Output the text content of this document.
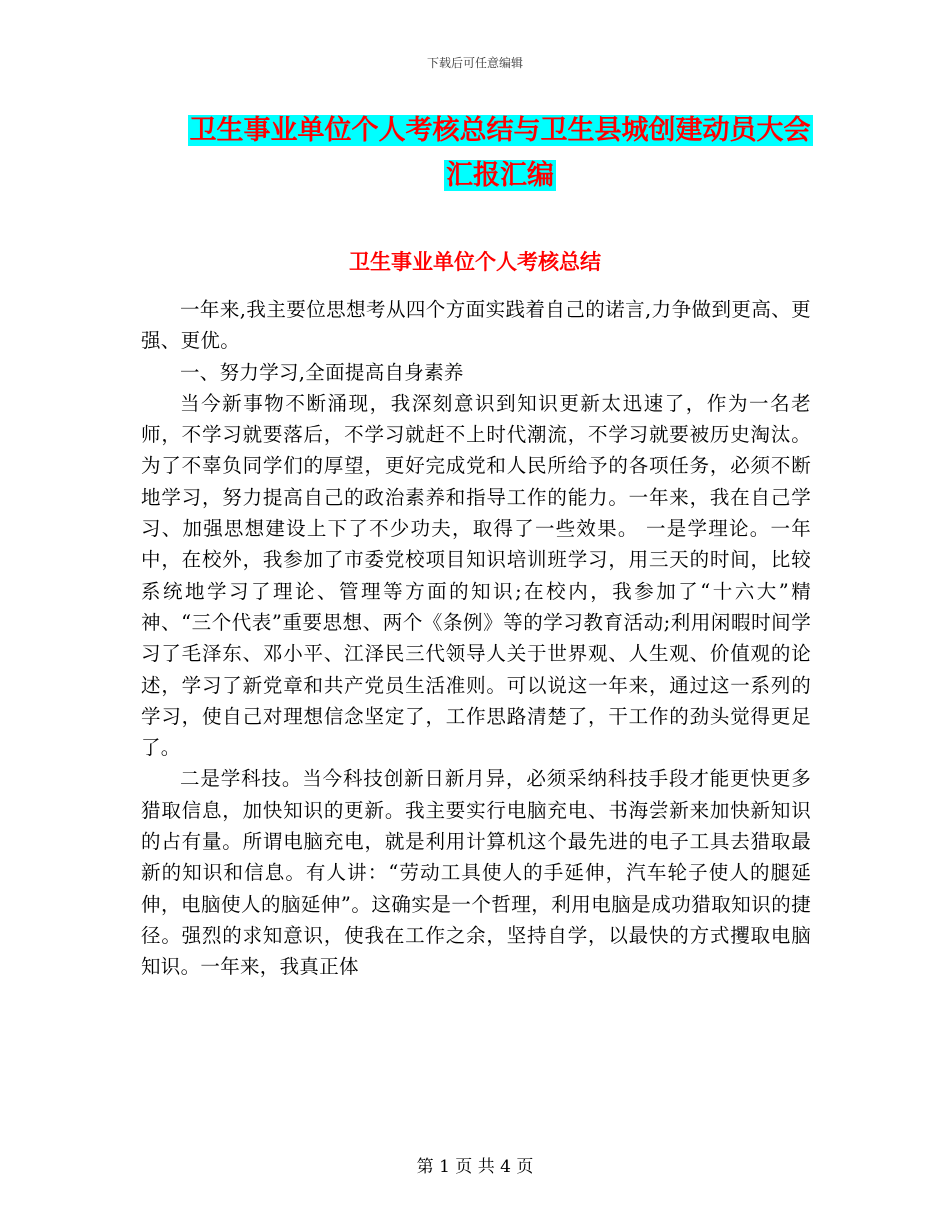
下载后可任意编辑
卫生事业单位个人考核总结与卫生县城创建动员大会
汇报汇编
卫生事业单位个人考核总结

一年来,我主要位思想考从四个方面实践着自己的诺言,力争做到更高、更强、更优。

一、努力学习,全面提高自身素养

当今新事物不断涌现，我深刻意识到知识更新太迅速了，作为一名老师，不学习就要落后，不学习就赶不上时代潮流，不学习就要被历史淘汰。为了不辜负同学们的厚望，更好完成党和人民所给予的各项任务，必须不断地学习，努力提高自己的政治素养和指导工作的能力。一年来，我在自己学习、加强思想建设上下了不少功夫，取得了一些效果。 一是学理论。一年中，在校外，我参加了市委党校项目知识培训班学习，用三天的时间，比较系统地学习了理论、管理等方面的知识;在校内，我参加了“十六大”精神、“三个代表”重要思想、两个《条例》等的学习教育活动;利用闲暇时间学习了毛泽东、邓小平、江泽民三代领导人关于世界观、人生观、价值观的论述，学习了新党章和共产党员生活准则。可以说这一年来，通过这一系列的学习，使自己对理想信念坚定了，工作思路清楚了，干工作的劲头觉得更足了。

二是学科技。当今科技创新日新月异，必须采纳科技手段才能更快更多猎取信息，加快知识的更新。我主要实行电脑充电、书海尝新来加快新知识的占有量。所谓电脑充电，就是利用计算机这个最先进的电子工具去猎取最新的知识和信息。有人讲：“劳动工具使人的手延伸，汽车轮子使人的腿延伸，电脑使人的脑延伸”。这确实是一个哲理，利用电脑是成功猎取知识的捷径。强烈的求知意识，使我在工作之余，坚持自学，以最快的方式攫取电脑知识。一年来，我真正体

第 1 页 共 4 页
